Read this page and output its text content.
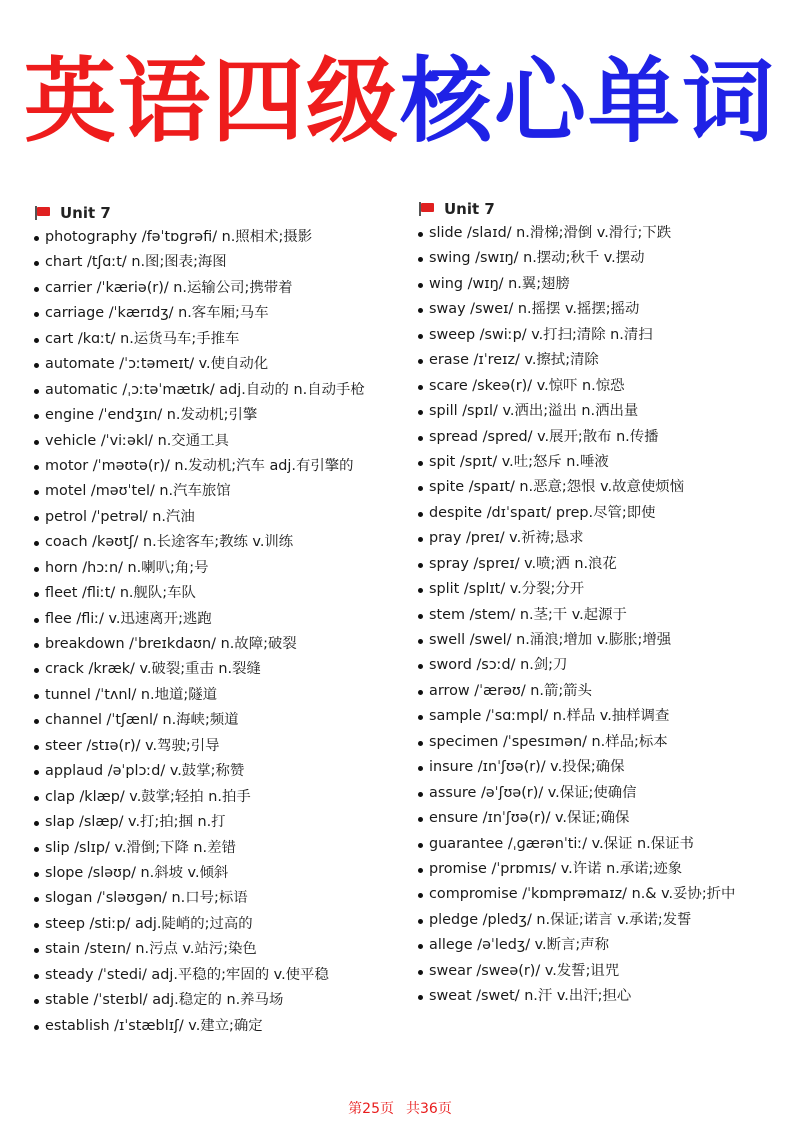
英语四级核心单词
Unit 7
photography /fəˈtɒɡrəfi/ n.照相术;摄影
chart /tʃɑːt/ n.图;图表;海图
carrier /ˈkæriə(r)/ n.运输公司;携带着
carriage /ˈkærɪdʒ/ n.客车厢;马车
cart /kɑːt/ n.运货马车;手推车
automate /ˈɔːtəmeɪt/ v.使自动化
automatic /ˌɔːtəˈmætɪk/ adj.自动的 n.自动手枪
engine /ˈendʒɪn/ n.发动机;引擎
vehicle /ˈviːəkl/ n.交通工具
motor /ˈməʊtə(r)/ n.发动机;汽车 adj.有引擎的
motel /məʊˈtel/ n.汽车旅馆
petrol /ˈpetrəl/ n.汽油
coach /kəʊtʃ/ n.长途客车;教练 v.训练
horn /hɔːn/ n.喇叭;角;号
fleet /fliːt/ n.舰队;车队
flee /fliː/ v.迅速离开;逃跑
breakdown /ˈbreɪkdaʊn/ n.故障;破裂
crack /kræk/ v.破裂;重击 n.裂缝
tunnel /ˈtʌnl/ n.地道;隧道
channel /ˈtʃænl/ n.海峡;频道
steer /stɪə(r)/ v.驾驶;引导
applaud /əˈplɔːd/ v.鼓掌;称赞
clap /klæp/ v.鼓掌;轻拍 n.拍手
slap /slæp/ v.打;拍;掴 n.打
slip /slɪp/ v.滑倒;下降 n.差错
slope /sləʊp/ n.斜坡 v.倾斜
slogan /ˈsləʊɡən/ n.口号;标语
steep /stiːp/ adj.陡峭的;过高的
stain /steɪn/ n.污点 v.站污;染色
steady /ˈstedi/ adj.平稳的;牢固的 v.使平稳
stable /ˈsteɪbl/ adj.稳定的 n.养马场
establish /ɪˈstæblɪʃ/ v.建立;确定
Unit 7
slide /slaɪd/ n.滑梯;滑倒 v.滑行;下跌
swing /swɪŋ/ n.摆动;秋千 v.摆动
wing /wɪŋ/ n.翼;翅膀
sway /sweɪ/ n.摇摆 v.摇摆;摇动
sweep /swiːp/ v.打扫;清除 n.清扫
erase /ɪˈreɪz/ v.擦拭;清除
scare /skeə(r)/ v.惊吓 n.惊恐
spill /spɪl/ v.洒出;溢出 n.洒出量
spread /spred/ v.展开;散布 n.传播
spit /spɪt/ v.吐;怒斥 n.唾液
spite /spaɪt/ n.恶意;怨恨 v.故意使烦恼
despite /dɪˈspaɪt/ prep.尽管;即使
pray /preɪ/ v.祈祷;恳求
spray /spreɪ/ v.喷;洒 n.浪花
split /splɪt/ v.分裂;分开
stem /stem/ n.茎;干 v.起源于
swell /swel/ n.涌浪;增加 v.膨胀;增强
sword /sɔːd/ n.剑;刀
arrow /ˈærəʊ/ n.箭;箭头
sample /ˈsɑːmpl/ n.样品 v.抽样调查
specimen /ˈspesɪmən/ n.样品;标本
insure /ɪnˈʃʊə(r)/ v.投保;确保
assure /əˈʃʊə(r)/ v.保证;使确信
ensure /ɪnˈʃʊə(r)/ v.保证;确保
guarantee /ˌɡærənˈtiː/ v.保证 n.保证书
promise /ˈprɒmɪs/ v.许诺 n.承诺;迹象
compromise /ˈkɒmprəmaɪz/ n.& v.妥协;折中
pledge /pledʒ/ n.保证;诺言 v.承诺;发誓
allege /əˈledʒ/ v.断言;声称
swear /sweə(r)/ v.发誓;诅咒
sweat /swet/ n.汗 v.出汗;担心
第25页 共36页
